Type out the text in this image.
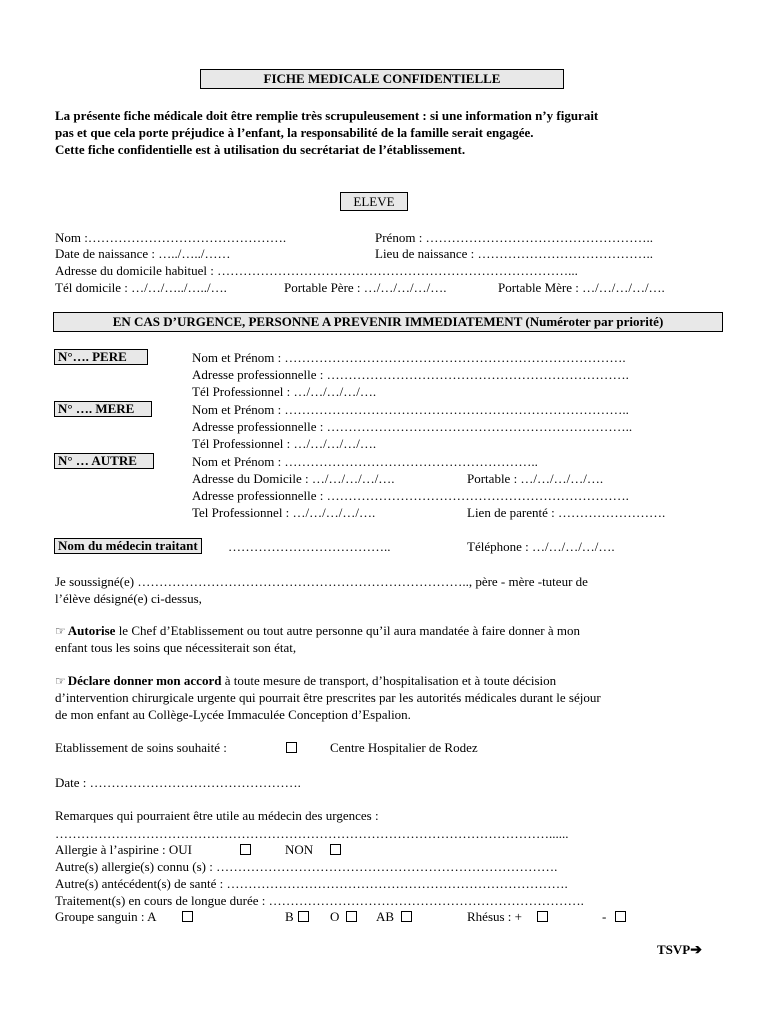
FICHE MEDICALE CONFIDENTIELLE
La présente fiche médicale doit être remplie très scrupuleusement : si une information n’y figurait
pas et que cela porte préjudice à l’enfant, la responsabilité de la famille serait engagée.
Cette fiche confidentielle est à utilisation du secrétariat de l’établissement.
ELEVE
Nom :……………………………………….	Prénom : ……………………………………………..
Date de naissance : …../…../……	Lieu de naissance : …………………………………..
Adresse du domicile habituel : ………………………………………………………………………...
Tél domicile : …/…/…../…../….	Portable Père : …/…/…/…/….	Portable Mère : …/…/…/…/….
EN CAS D’URGENCE, PERSONNE A PREVENIR IMMEDIATEMENT (Numéroter par priorité)
N°…. PERE	Nom et Prénom : …………………………………………………………………….
Adresse professionnelle : …………………………………………………………….
Tél Professionnel : …/…/…/…/….
N° …. MERE	Nom et Prénom : ……………………………………………………………………..
Adresse professionnelle : ……………………………………………………………..
Tél Professionnel : …/…/…/…/….
N° … AUTRE	Nom et Prénom : …………………………………………………..
Adresse du Domicile : …/…/…/…/….	Portable : …/…/…/…/….
Adresse professionnelle : …………………………………………………………….
Tel Professionnel : …/…/…/…/….	Lien de parenté : …………………….
Nom du médecin traitant	………………………………..	Téléphone : …/…/…/…/….
Je soussigné(e) ………………………………………………………………….., père - mère -tuteur de
l’élève désigné(e) ci-dessus,
☞ Autorise le Chef d’Etablissement ou tout autre personne qu’il aura mandatée à faire donner à mon
enfant tous les soins que nécessiterait son état,
☞ Déclare donner mon accord à toute mesure de transport, d’hospitalisation et à toute décision
d’intervention chirurgicale urgente qui pourrait être prescrites par les autorités médicales durant le séjour
de mon enfant au Collège-Lycée Immaculée Conception d’Espalion.
Etablissement de soins souhaité :	Centre Hospitalier de Rodez
Date : ………………………………………….
Remarques qui pourraient être utile au médecin des urgences :
……………………………………………………………………………………………………......
Allergie à l’aspirine : OUI	NON
Autre(s) allergie(s) connu (s) : …………………………………………………………………….
Autre(s) antécédent(s) de santé : …………………………………………………………………….
Traitement(s) en cours de longue durée : ……………………………………………………………….
Groupe sanguin : A	B	O	AB	Rhésus : +	-
TSVP➔
